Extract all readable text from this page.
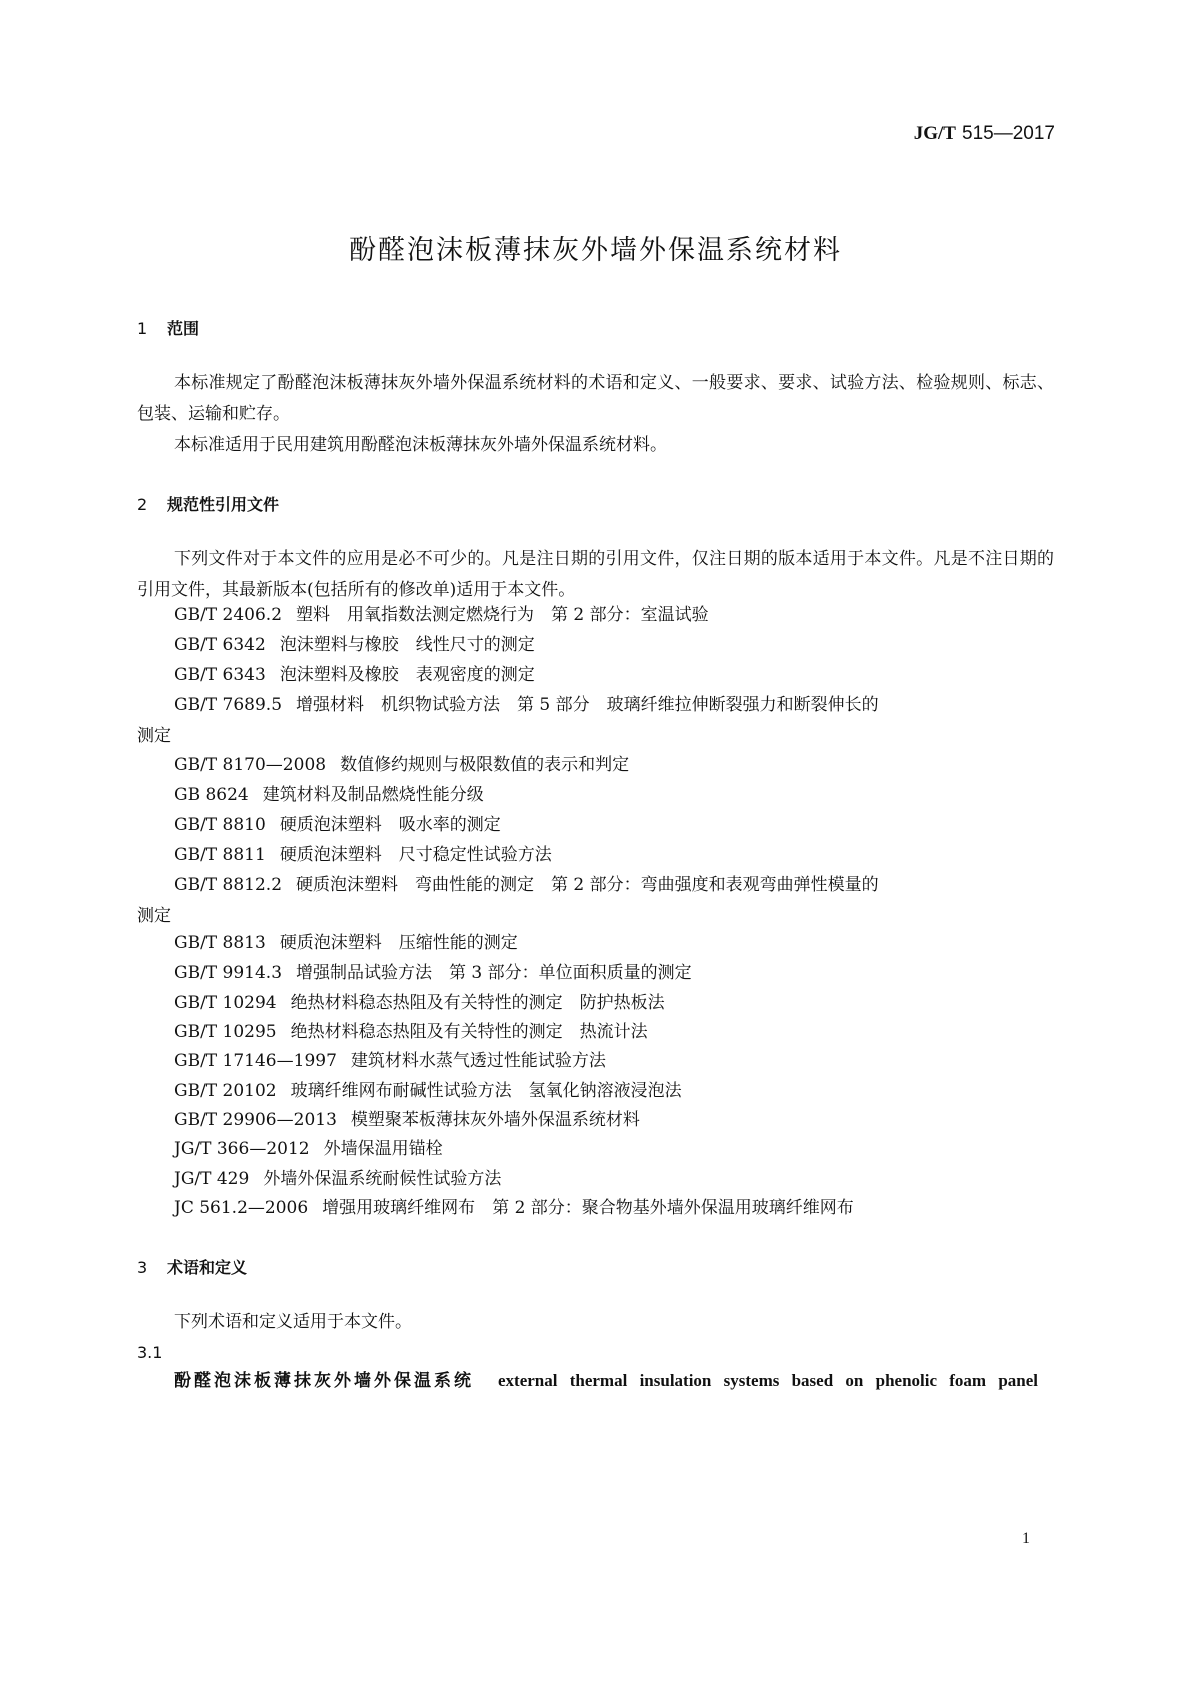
JG/T 515—2017
酚醛泡沫板薄抹灰外墙外保温系统材料
1 范围
本标准规定了酚醛泡沫板薄抹灰外墙外保温系统材料的术语和定义、一般要求、要求、试验方法、检验规则、标志、包装、运输和贮存。
本标准适用于民用建筑用酚醛泡沫板薄抹灰外墙外保温系统材料。
2 规范性引用文件
下列文件对于本文件的应用是必不可少的。凡是注日期的引用文件，仅注日期的版本适用于本文件。凡是不注日期的引用文件，其最新版本(包括所有的修改单)适用于本文件。
GB/T 2406.2 塑料　用氧指数法测定燃烧行为　第 2 部分：室温试验
GB/T 6342 泡沫塑料与橡胶　线性尺寸的测定
GB/T 6343 泡沫塑料及橡胶　表观密度的测定
GB/T 7689.5 增强材料　机织物试验方法　第 5 部分　玻璃纤维拉伸断裂强力和断裂伸长的
测定
GB/T 8170—2008 数值修约规则与极限数值的表示和判定
GB 8624 建筑材料及制品燃烧性能分级
GB/T 8810 硬质泡沫塑料　吸水率的测定
GB/T 8811 硬质泡沫塑料　尺寸稳定性试验方法
GB/T 8812.2 硬质泡沫塑料　弯曲性能的测定　第 2 部分：弯曲强度和表观弯曲弹性模量的
测定
GB/T 8813 硬质泡沫塑料　压缩性能的测定
GB/T 9914.3 增强制品试验方法　第 3 部分：单位面积质量的测定
GB/T 10294 绝热材料稳态热阻及有关特性的测定　防护热板法
GB/T 10295 绝热材料稳态热阻及有关特性的测定　热流计法
GB/T 17146—1997 建筑材料水蒸气透过性能试验方法
GB/T 20102 玻璃纤维网布耐碱性试验方法　氢氧化钠溶液浸泡法
GB/T 29906—2013 模塑聚苯板薄抹灰外墙外保温系统材料
JG/T 366—2012 外墙保温用锚栓
JG/T 429 外墙外保温系统耐候性试验方法
JC 561.2—2006 增强用玻璃纤维网布　第 2 部分：聚合物基外墙外保温用玻璃纤维网布
3 术语和定义
下列术语和定义适用于本文件。
3.1
酚醛泡沫板薄抹灰外墙外保温系统 external thermal insulation systems based on phenolic foam panel
1
